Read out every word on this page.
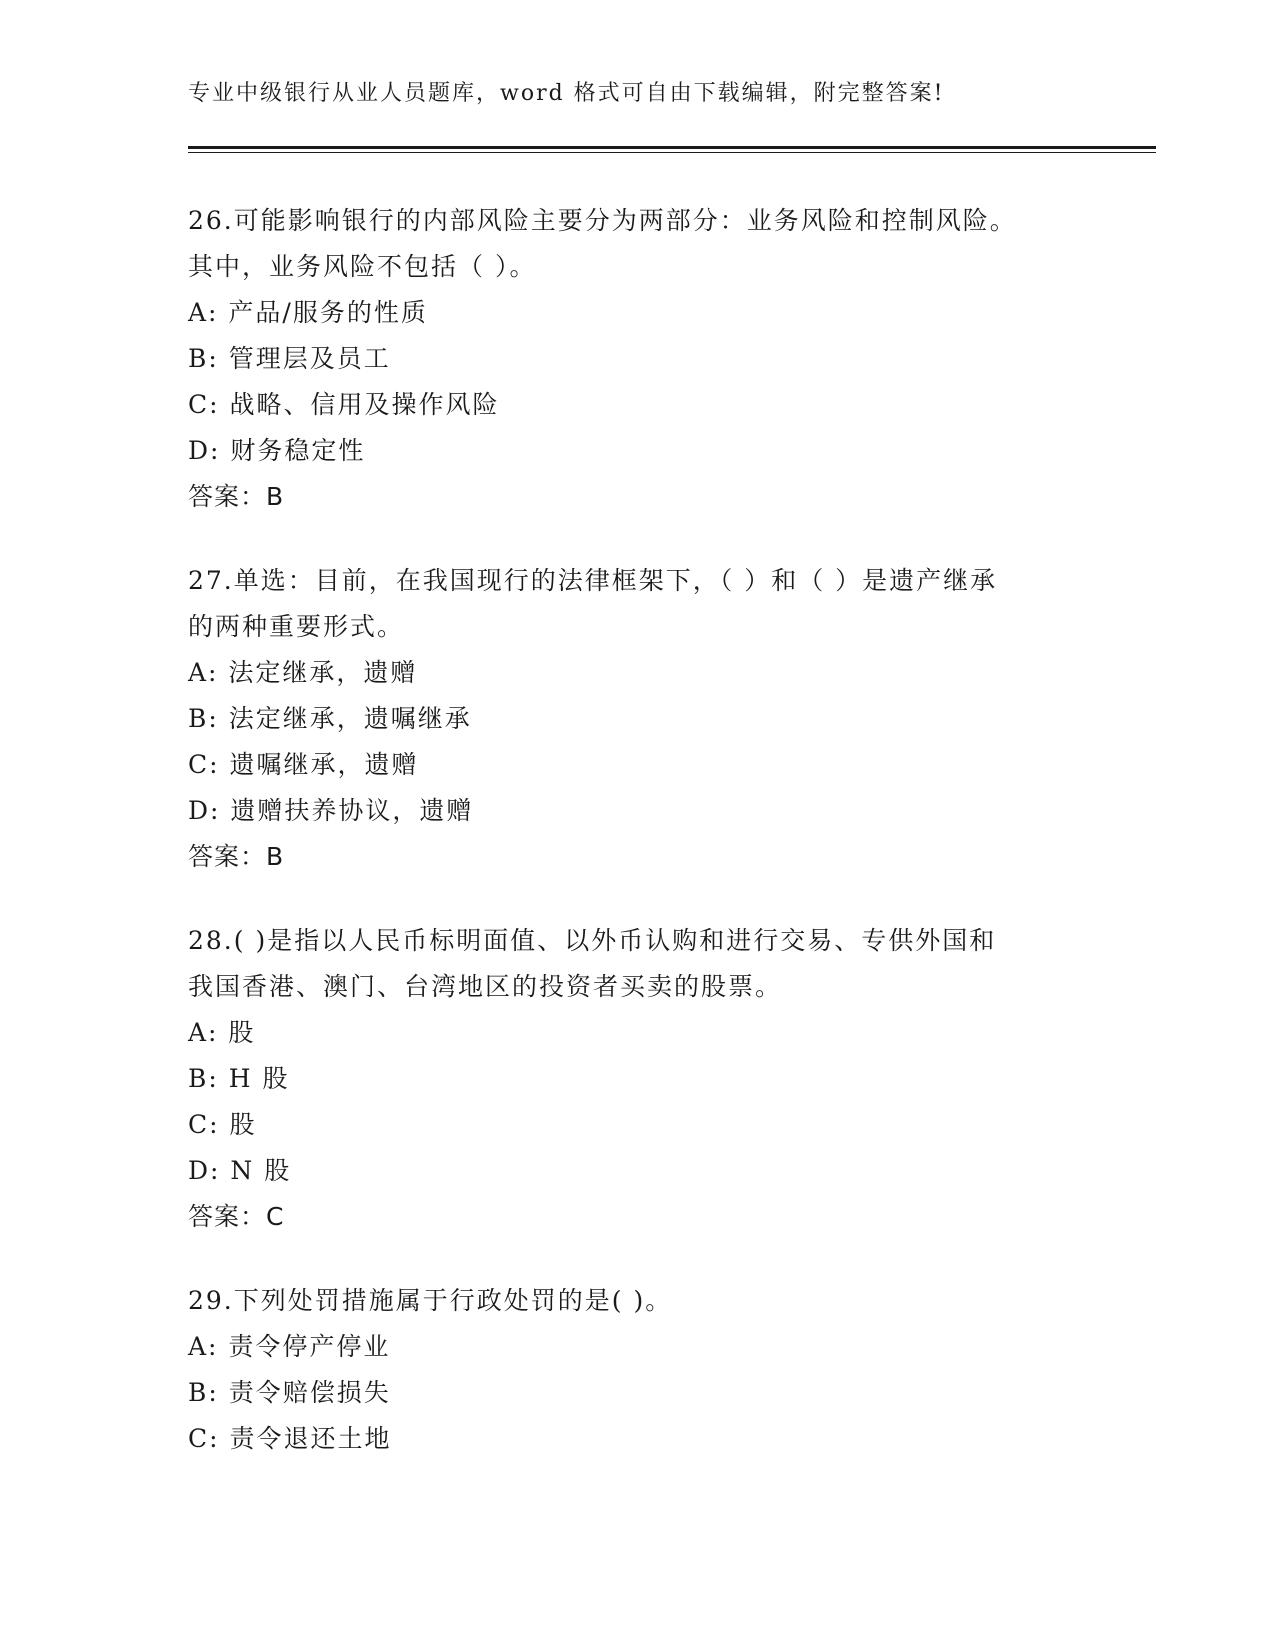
专业中级银行从业人员题库，word 格式可自由下载编辑，附完整答案!

26.可能影响银行的内部风险主要分为两部分：业务风险和控制风险。

其中，业务风险不包括（ ）。

A: 产品/服务的性质

B: 管理层及员工

C: 战略、信用及操作风险

D: 财务稳定性

答案：B

27.单选：目前，在我国现行的法律框架下，（ ）和（ ）是遗产继承

的两种重要形式。

A: 法定继承，遗赠

B: 法定继承，遗嘱继承

C: 遗嘱继承，遗赠

D: 遗赠扶养协议，遗赠

答案：B

28.( )是指以人民币标明面值、以外币认购和进行交易、专供外国和

我国香港、澳门、台湾地区的投资者买卖的股票。

A: 股

B: H 股

C: 股

D: N 股

答案：C

29.下列处罚措施属于行政处罚的是( )。

A: 责令停产停业

B: 责令赔偿损失

C: 责令退还土地
